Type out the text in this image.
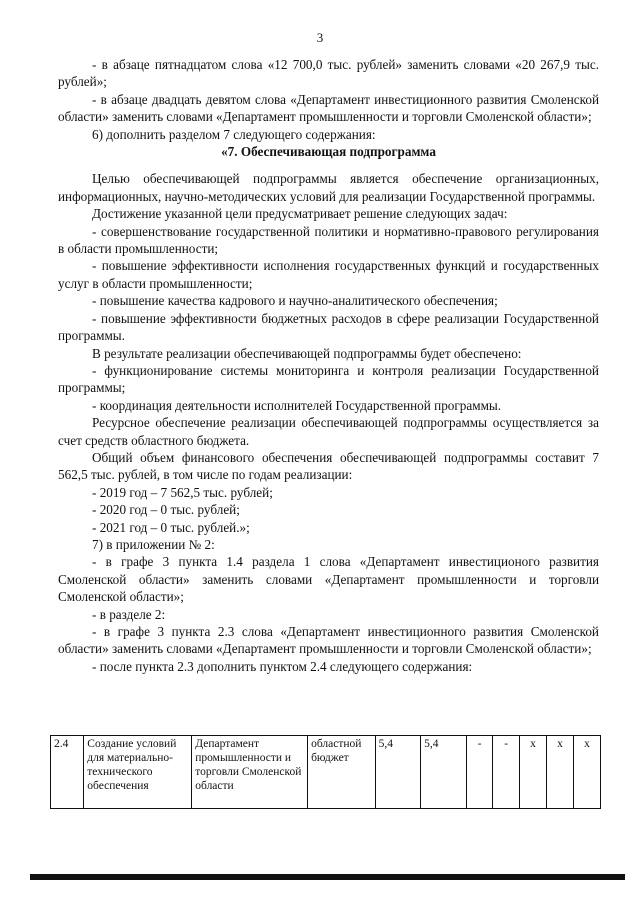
3

- в абзаце пятнадцатом слова «12 700,0 тыс. рублей» заменить словами «20 267,9 тыс. рублей»;

- в абзаце двадцать девятом слова «Департамент инвестиционного развития Смоленской области» заменить словами «Департамент промышленности и торговли Смоленской области»;

6) дополнить разделом 7 следующего содержания:

«7. Обеспечивающая подпрограмма

Целью обеспечивающей подпрограммы является обеспечение организационных, информационных, научно-методических условий для реализации Государственной программы.

Достижение указанной цели предусматривает решение следующих задач:

- совершенствование государственной политики и нормативно-правового регулирования в области промышленности;

- повышение эффективности исполнения государственных функций и государственных услуг в области промышленности;

- повышение качества кадрового и научно-аналитического обеспечения;

- повышение эффективности бюджетных расходов в сфере реализации Государственной программы.

В результате реализации обеспечивающей подпрограммы будет обеспечено:

- функционирование системы мониторинга и контроля реализации Государственной программы;

- координация деятельности исполнителей Государственной программы.

Ресурсное обеспечение реализации обеспечивающей подпрограммы осуществляется за счет средств областного бюджета.

Общий объем финансового обеспечения обеспечивающей подпрограммы составит 7 562,5 тыс. рублей, в том числе по годам реализации:

- 2019 год – 7 562,5 тыс. рублей;

- 2020 год – 0 тыс. рублей;

- 2021 год – 0 тыс. рублей.»;

7) в приложении № 2:

- в графе 3 пункта 1.4 раздела 1 слова «Департамент инвестиционого развития Смоленской области» заменить словами «Департамент промышленности и торговли Смоленской области»;

- в разделе 2:

- в графе 3 пункта 2.3 слова «Департамент инвестиционного развития Смоленской области» заменить словами «Департамент промышленности и торговли Смоленской области»;

- после пункта 2.3 дополнить пунктом 2.4 следующего содержания:

2.4	Создание условий для материально-технического обеспечения	Департамент промышленности и торговли Смоленской области	областной бюджет	5,4	5,4	-	-	х	х	х
